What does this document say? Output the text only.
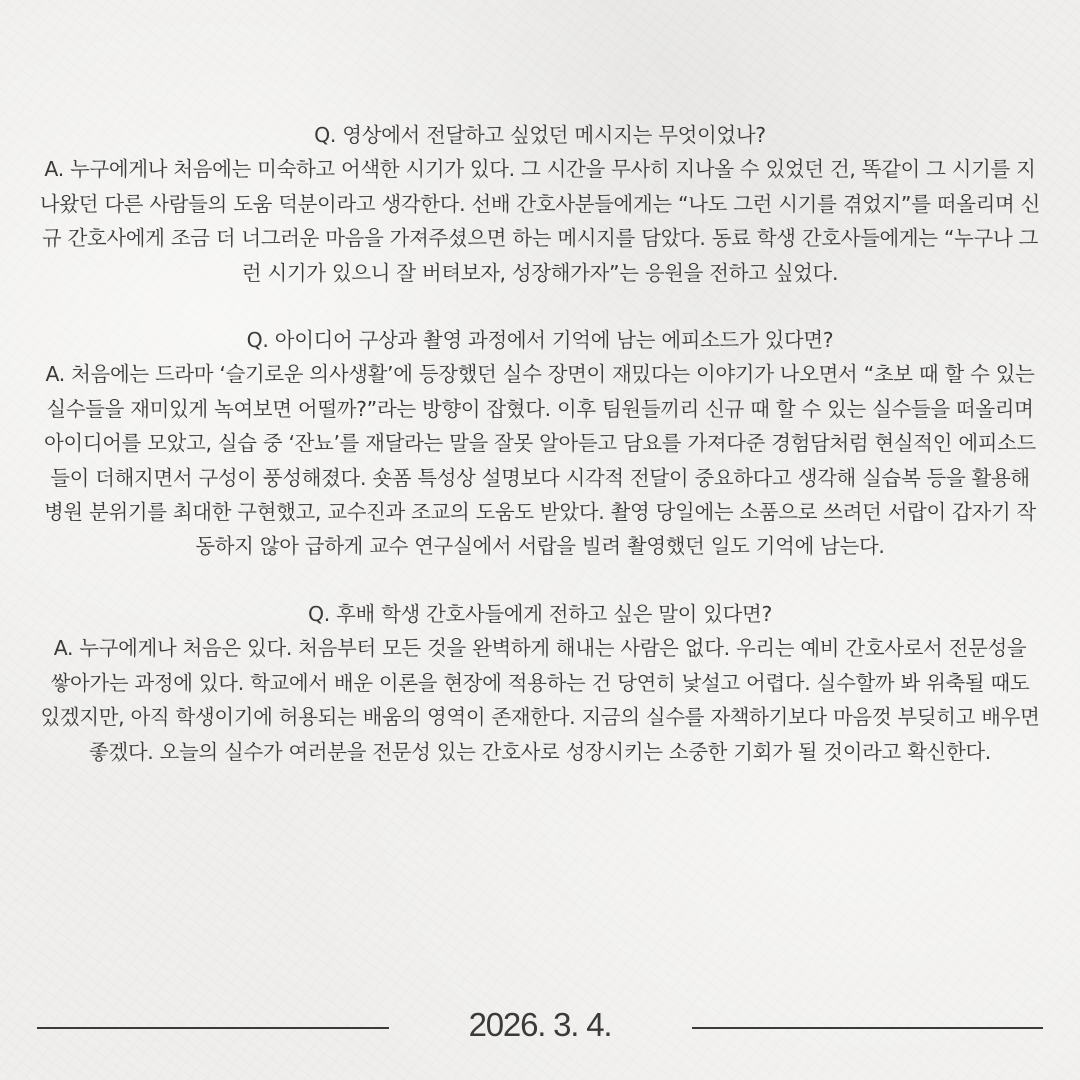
Q. 영상에서 전달하고 싶었던 메시지는 무엇이었나?
A. 누구에게나 처음에는 미숙하고 어색한 시기가 있다. 그 시간을 무사히 지나올 수 있었던 건, 똑같이 그 시기를 지
나왔던 다른 사람들의 도움 덕분이라고 생각한다. 선배 간호사분들에게는 “나도 그런 시기를 겪었지”를 떠올리며 신
규 간호사에게 조금 더 너그러운 마음을 가져주셨으면 하는 메시지를 담았다. 동료 학생 간호사들에게는 “누구나 그
런 시기가 있으니 잘 버텨보자, 성장해가자”는 응원을 전하고 싶었다.
Q. 아이디어 구상과 촬영 과정에서 기억에 남는 에피소드가 있다면?
A. 처음에는 드라마 ‘슬기로운 의사생활’에 등장했던 실수 장면이 재밌다는 이야기가 나오면서 “초보 때 할 수 있는
실수들을 재미있게 녹여보면 어떨까?”라는 방향이 잡혔다. 이후 팀원들끼리 신규 때 할 수 있는 실수들을 떠올리며
아이디어를 모았고, 실습 중 ‘잔뇨’를 재달라는 말을 잘못 알아듣고 담요를 가져다준 경험담처럼 현실적인 에피소드
들이 더해지면서 구성이 풍성해졌다. 숏폼 특성상 설명보다 시각적 전달이 중요하다고 생각해 실습복 등을 활용해
병원 분위기를 최대한 구현했고, 교수진과 조교의 도움도 받았다. 촬영 당일에는 소품으로 쓰려던 서랍이 갑자기 작
동하지 않아 급하게 교수 연구실에서 서랍을 빌려 촬영했던 일도 기억에 남는다.
Q. 후배 학생 간호사들에게 전하고 싶은 말이 있다면?
A. 누구에게나 처음은 있다. 처음부터 모든 것을 완벽하게 해내는 사람은 없다. 우리는 예비 간호사로서 전문성을
쌓아가는 과정에 있다. 학교에서 배운 이론을 현장에 적용하는 건 당연히 낯설고 어렵다. 실수할까 봐 위축될 때도
있겠지만, 아직 학생이기에 허용되는 배움의 영역이 존재한다. 지금의 실수를 자책하기보다 마음껏 부딪히고 배우면
좋겠다. 오늘의 실수가 여러분을 전문성 있는 간호사로 성장시키는 소중한 기회가 될 것이라고 확신한다.
2026. 3. 4.
